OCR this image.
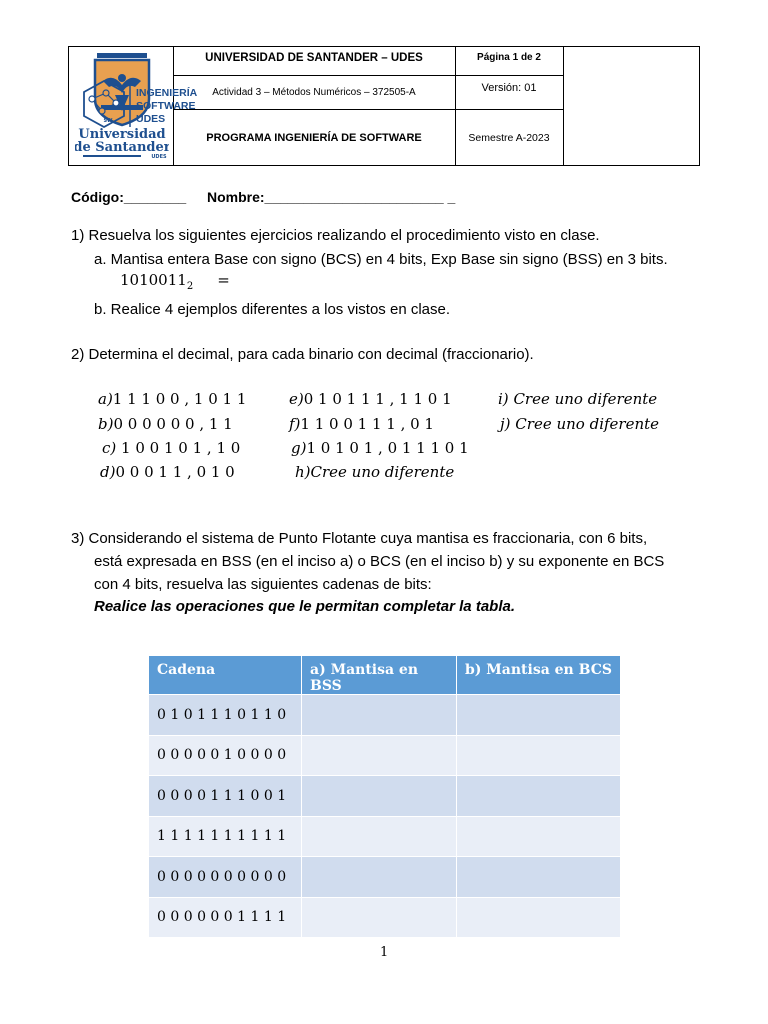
Universidad
de Santander
UDES
UNIVERSIDAD DE SANTANDER – UDES
Actividad 3 – Métodos Numéricos – 372505-A
PROGRAMA INGENIERÍA DE SOFTWARE
Página 1 de 2
Versión: 01
Semestre A-2023
SW
INGENIERÍA
SOFTWARE
UDES
Código:________ Nombre:_______________________ _
1) Resuelva los siguientes ejercicios realizando el procedimiento visto en clase.
a. Mantisa entera Base con signo (BCS) en 4 bits, Exp Base sin signo (BSS) en 3 bits.
$1010011_2$ =
b. Realice 4 ejemplos diferentes a los vistos en clase.
2) Determina el decimal, para cada binario con decimal (fraccionario).
a)1 1 1 0 0 , 1 0 1 1
b)0 0 0 0 0 0 , 1 1
c) 1 0 0 1 0 1 , 1 0
d)0 0 0 1 1 , 0 1 0
e)0 1 0 1 1 1 , 1 1 0 1
f)1 1 0 0 1 1 1 , 0 1
g)1 0 1 0 1 , 0 1 1 1 0 1
h)Cree uno diferente
i) Cree uno diferente
j) Cree uno diferente
3) Considerando el sistema de Punto Flotante cuya mantisa es fraccionaria, con 6 bits,
está expresada en BSS (en el inciso a) o BCS (en el inciso b) y su exponente en BCS
con 4 bits, resuelva las siguientes cadenas de bits:
Realice las operaciones que le permitan completar la tabla.
Cadena	a) Mantisa en BSS	b) Mantisa en BCS
0 1 0 1 1 1 0 1 1 0		
0 0 0 0 0 1 0 0 0 0		
0 0 0 0 1 1 1 0 0 1		
1 1 1 1 1 1 1 1 1 1		
0 0 0 0 0 0 0 0 0 0		
0 0 0 0 0 0 1 1 1 1		
1
